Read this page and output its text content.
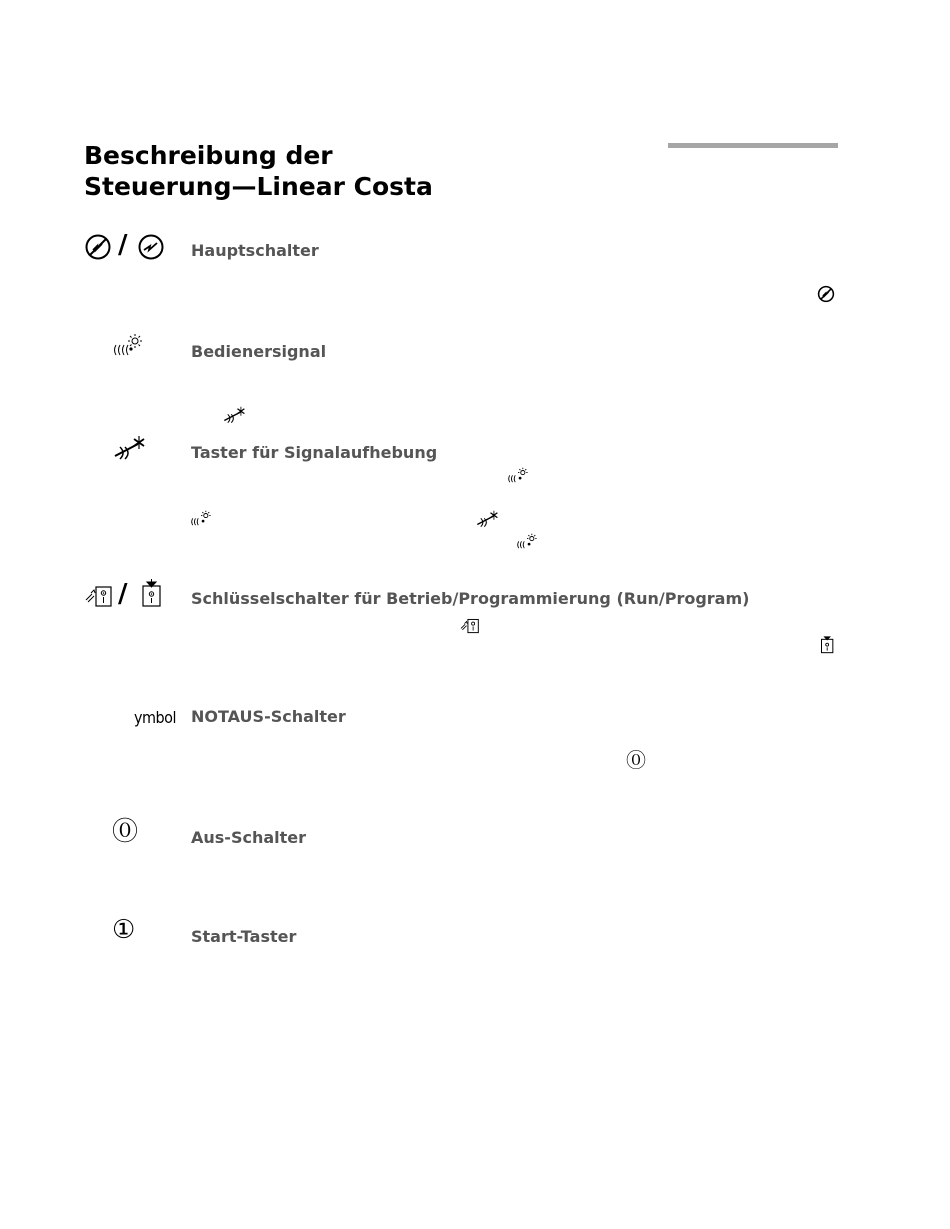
Beschreibung der
Steuerung—Linear Costa
/	Hauptschalter
Bedienersignal
Taster für Signalaufhebung
/	Schlüsselschalter für Betrieb/Programmierung (Run/Program)
ymbol NOTAUS-Schalter
⓪
⓪	Aus-Schalter
①	Start-Taster
